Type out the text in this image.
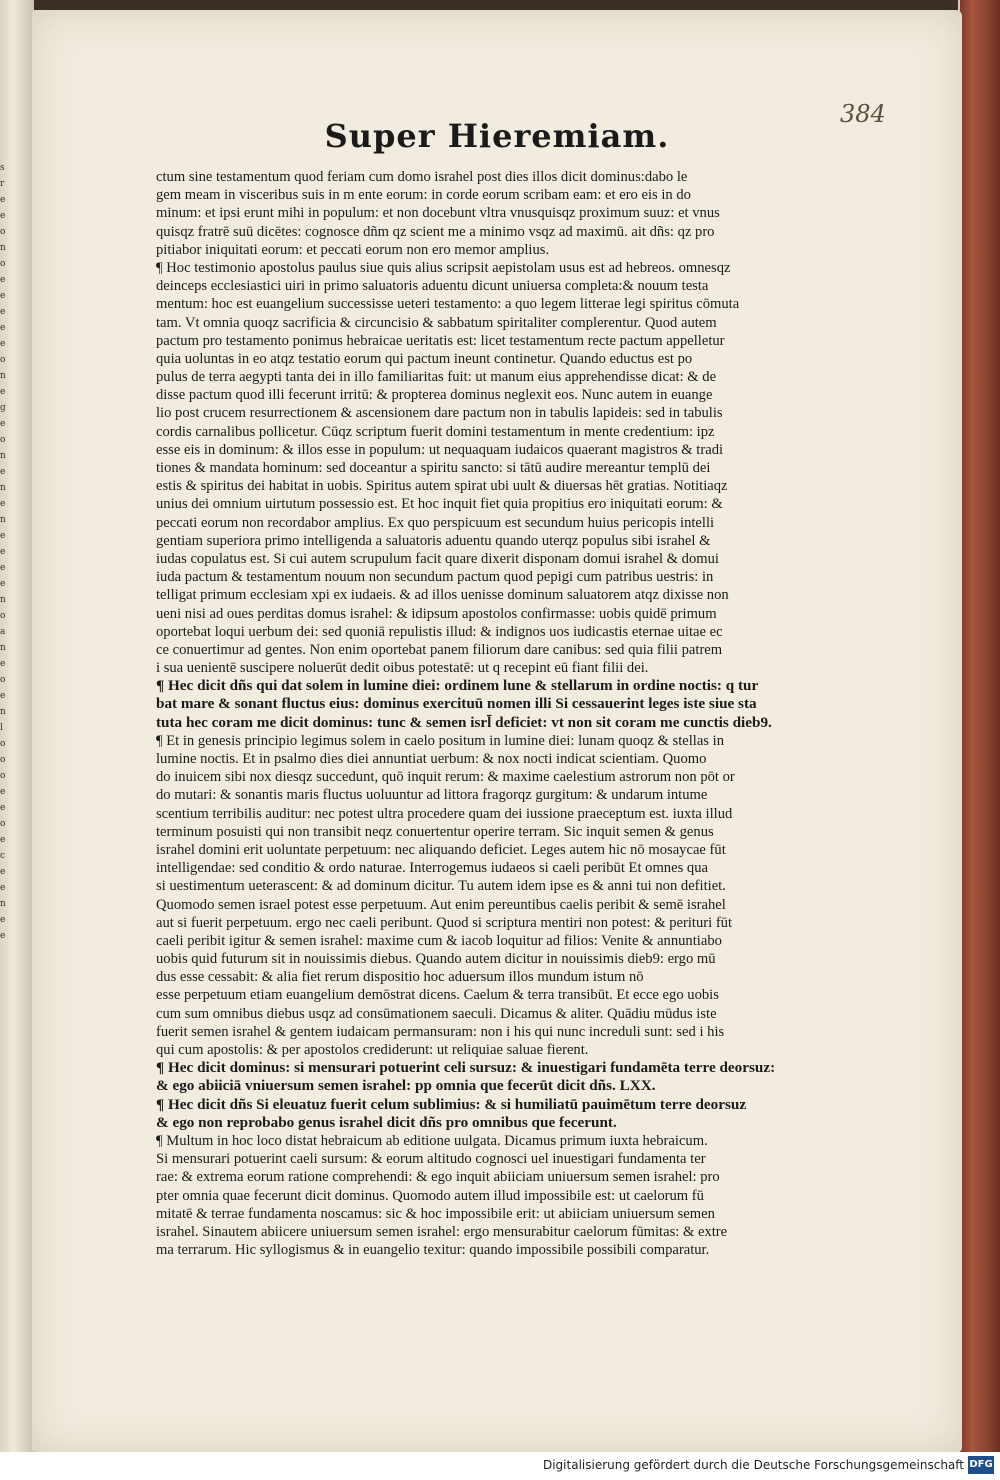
s
r
e
e
o
n
o
e
e
e
e
e
o
n
e
g
e
o
n
e
n
e
n
e
e
e
e
n
o
a
n
e
o
e
n
l
o
o
o
e
e
o
e
c
e
e
n
e
e
Super Hieremiam.
384
ctum sine testamentum quod feriam cum domo israhel post dies illos dicit dominus:dabo le
gem meam in visceribus suis in m ente eorum: in corde eorum scribam eam: et ero eis in do
minum: et ipsi erunt mihi in populum: et non docebunt vltra vnusquisqz proximum suuz: et vnus
quisqz fratrē suū dicētes: cognosce dñm qz scient me a minimo vsqz ad maximū. ait dñs: qz pro
pitiabor iniquitati eorum: et peccati eorum non ero memor amplius.
¶ Hoc testimonio apostolus paulus siue quis alius scripsit aepistolam usus est ad hebreos. omnesqz
deinceps ecclesiastici uiri in primo saluatoris aduentu dicunt uniuersa completa:& nouum testa
mentum: hoc est euangelium successisse ueteri testamento: a quo legem litterae legi spiritus cōmuta
tam. Vt omnia quoqz sacrificia & circuncisio & sabbatum spiritaliter complerentur. Quod autem
pactum pro testamento ponimus hebraicae ueritatis est: licet testamentum recte pactum appelletur
quia uoluntas in eo atqz testatio eorum qui pactum ineunt continetur. Quando eductus est po
pulus de terra aegypti tanta dei in illo familiaritas fuit: ut manum eius apprehendisse dicat: & de
disse pactum quod illi fecerunt irritū: & propterea dominus neglexit eos. Nunc autem in euange
lio post crucem resurrectionem & ascensionem dare pactum non in tabulis lapideis: sed in tabulis
cordis carnalibus pollicetur. Cūqz scriptum fuerit domini testamentum in mente credentium: ipz
esse eis in dominum: & illos esse in populum: ut nequaquam iudaicos quaerant magistros & tradi
tiones & mandata hominum: sed doceantur a spiritu sancto: si tātū audire mereantur templū dei
estis & spiritus dei habitat in uobis. Spiritus autem spirat ubi uult & diuersas hēt gratias. Notitiaqz
unius dei omnium uirtutum possessio est. Et hoc inquit fiet quia propitius ero iniquitati eorum: &
peccati eorum non recordabor amplius. Ex quo perspicuum est secundum huius pericopis intelli
gentiam superiora primo intelligenda a saluatoris aduentu quando uterqz populus sibi israhel &
iudas copulatus est. Si cui autem scrupulum facit quare dixerit disponam domui israhel & domui
iuda pactum & testamentum nouum non secundum pactum quod pepigi cum patribus uestris: in
telligat primum ecclesiam xpi ex iudaeis. & ad illos uenisse dominum saluatorem atqz dixisse non
ueni nisi ad oues perditas domus israhel: & idipsum apostolos confirmasse: uobis quidē primum
oportebat loqui uerbum dei: sed quoniā repulistis illud: & indignos uos iudicastis eternae uitae ec
ce conuertimur ad gentes. Non enim oportebat panem filiorum dare canibus: sed quia filii patrem
i sua uenientē suscipere noluerūt dedit oibus potestatē: ut q recepint eū fiant filii dei.
¶ Hec dicit dñs qui dat solem in lumine diei: ordinem lune & stellarum in ordine noctis: q tur
bat mare & sonant fluctus eius: dominus exercituū nomen illi Si cessauerint leges iste siue sta
tuta hec coram me dicit dominus: tunc & semen isrl̄ deficiet: vt non sit coram me cunctis dieb9.
¶ Et in genesis principio legimus solem in caelo positum in lumine diei: lunam quoqz & stellas in
lumine noctis. Et in psalmo dies diei annuntiat uerbum: & nox nocti indicat scientiam. Quomo
do inuicem sibi nox diesqz succedunt, quō inquit rerum: & maxime caelestium astrorum non pōt or
do mutari: & sonantis maris fluctus uoluuntur ad littora fragorqz gurgitum: & undarum intume
scentium terribilis auditur: nec potest ultra procedere quam dei iussione praeceptum est. iuxta illud
terminum posuisti qui non transibit neqz conuertentur operire terram. Sic inquit semen & genus
israhel domini erit uoluntate perpetuum: nec aliquando deficiet. Leges autem hic nō mosaycae fūt
intelligendae: sed conditio & ordo naturae. Interrogemus iudaeos si caeli peribūt Et omnes qua
si uestimentum ueterascent: & ad dominum dicitur. Tu autem idem ipse es & anni tui non defitiet.
Quomodo semen israel potest esse perpetuum. Aut enim pereuntibus caelis peribit & semē israhel
aut si fuerit perpetuum. ergo nec caeli peribunt. Quod si scriptura mentiri non potest: & perituri fūt
caeli peribit igitur & semen israhel: maxime cum & iacob loquitur ad filios: Venite & annuntiabo
uobis quid futurum sit in nouissimis diebus. Quando autem dicitur in nouissimis dieb9: ergo mū
dus esse cessabit: & alia fiet rerum dispositio hoc aduersum illos mundum istum nō
esse perpetuum etiam euangelium demōstrat dicens. Caelum & terra transibūt. Et ecce ego uobis
cum sum omnibus diebus usqz ad consūmationem saeculi. Dicamus & aliter. Quādiu mūdus iste
fuerit semen israhel & gentem iudaicam permansuram: non i his qui nunc increduli sunt: sed i his
qui cum apostolis: & per apostolos crediderunt: ut reliquiae saluae fierent.
¶ Hec dicit dominus: si mensurari potuerint celi sursuz: & inuestigari fundamēta terre deorsuz:
& ego abiiciā vniuersum semen israhel: pp omnia que fecerūt dicit dñs. LXX.
¶ Hec dicit dñs Si eleuatuz fuerit celum sublimius: & si humiliatū pauimētum terre deorsuz
& ego non reprobabo genus israhel dicit dñs pro omnibus que fecerunt.
¶ Multum in hoc loco distat hebraicum ab editione uulgata. Dicamus primum iuxta hebraicum.
Si mensurari potuerint caeli sursum: & eorum altitudo cognosci uel inuestigari fundamenta ter
rae: & extrema eorum ratione comprehendi: & ego inquit abiiciam uniuersum semen israhel: pro
pter omnia quae fecerunt dicit dominus. Quomodo autem illud impossibile est: ut caelorum fū
mitatē & terrae fundamenta noscamus: sic & hoc impossibile erit: ut abiiciam uniuersum semen
israhel. Sinautem abiicere uniuersum semen israhel: ergo mensurabitur caelorum fūmitas: & extre
ma terrarum. Hic syllogismus & in euangelio texitur: quando impossibile possibili comparatur.
Digitalisierung gefördert durch die Deutsche Forschungsgemeinschaft DFG
